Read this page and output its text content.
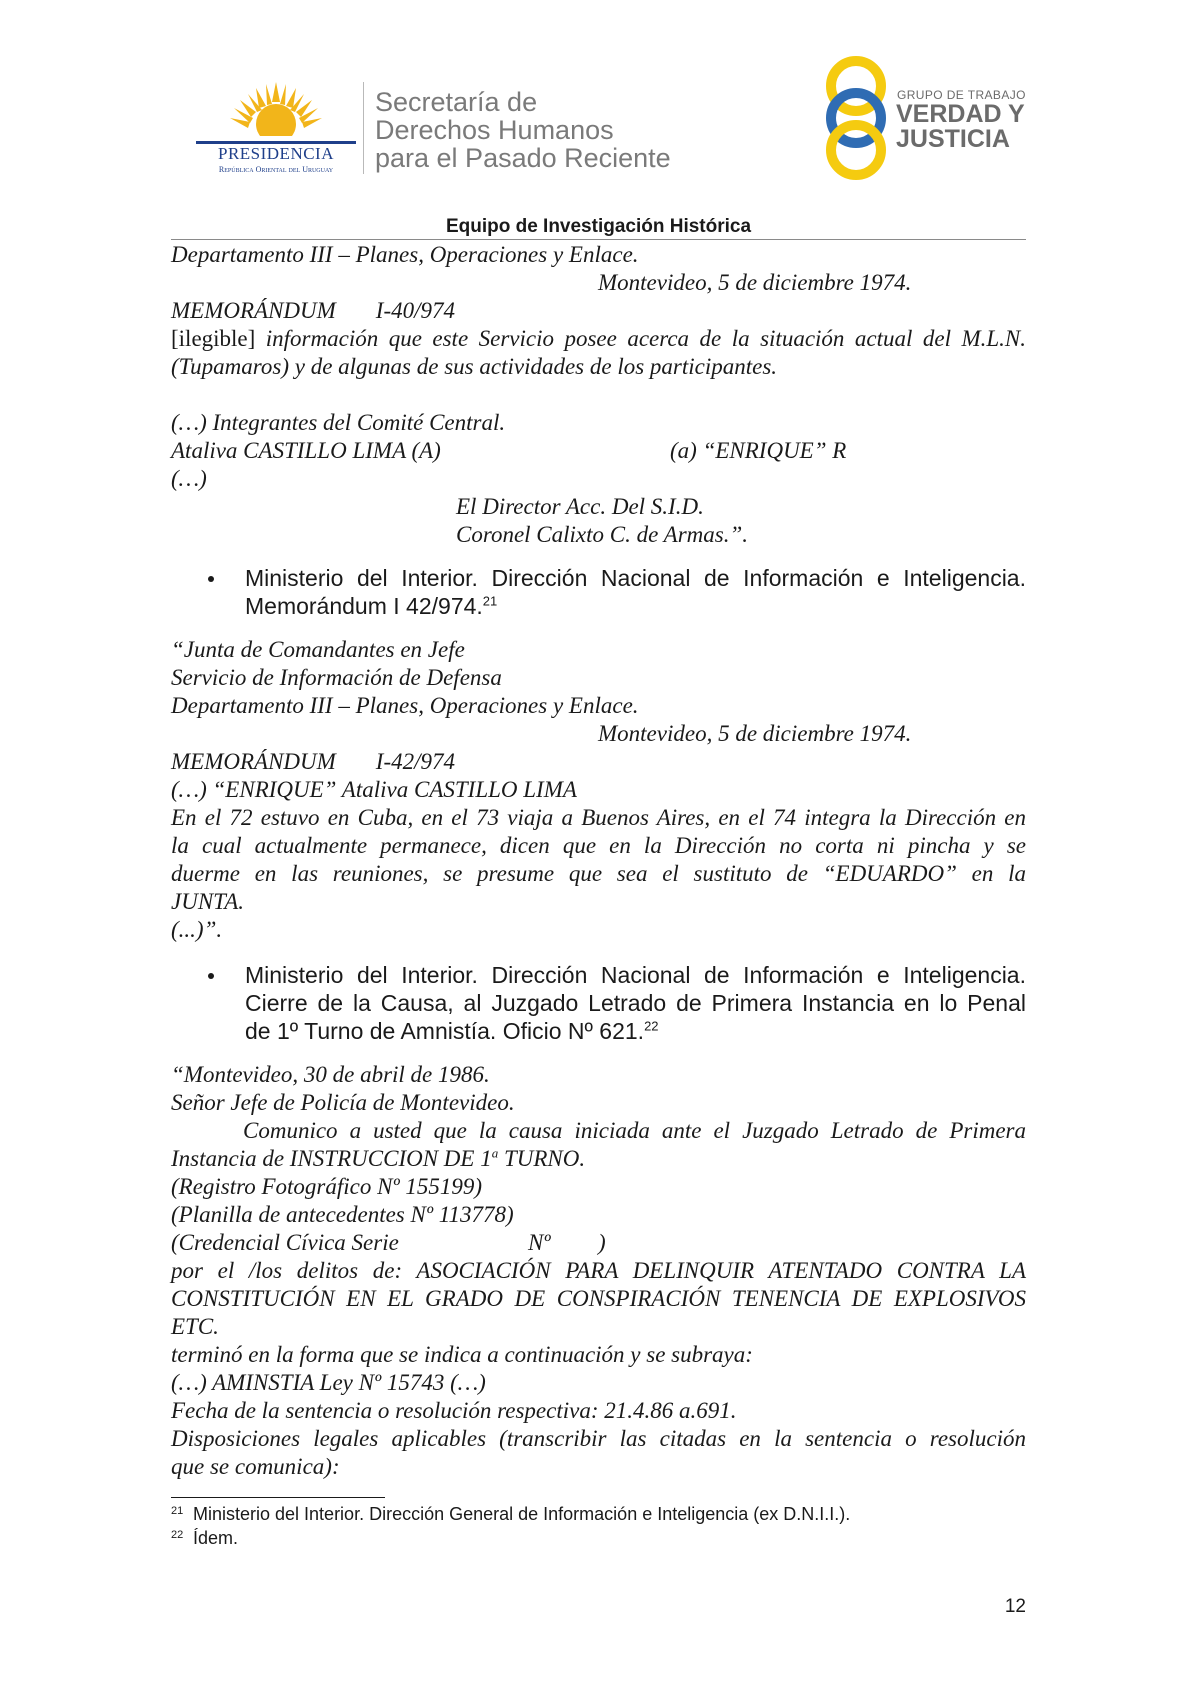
PRESIDENCIA
República Oriental del Uruguay
Secretaría de
Derechos Humanos
para el Pasado Reciente
GRUPO DE TRABAJO
VERDAD Y
JUSTICIA
Equipo de Investigación Histórica
Departamento III – Planes, Operaciones y Enlace.
Montevideo, 5 de diciembre 1974.
MEMORÁNDUM I-40/974
[ilegible] información que este Servicio posee acerca de la situación actual del M.L.N.
(Tupamaros) y de algunas de sus actividades de los participantes.
(…) Integrantes del Comité Central.
Ataliva CASTILLO LIMA (A)	(a) “ENRIQUE” R
(…)
El Director Acc. Del S.I.D.
Coronel Calixto C. de Armas.”.
Ministerio del Interior. Dirección Nacional de Información e Inteligencia.
Memorándum I 42/974.21
“Junta de Comandantes en Jefe
Servicio de Información de Defensa
Departamento III – Planes, Operaciones y Enlace.
Montevideo, 5 de diciembre 1974.
MEMORÁNDUM I-42/974
(…) “ENRIQUE” Ataliva CASTILLO LIMA
En el 72 estuvo en Cuba, en el 73 viaja a Buenos Aires, en el 74 integra la Dirección en
la cual actualmente permanece, dicen que en la Dirección no corta ni pincha y se
duerme en las reuniones, se presume que sea el sustituto de “EDUARDO” en la
JUNTA.
(...)”.
Ministerio del Interior. Dirección Nacional de Información e Inteligencia.
Cierre de la Causa, al Juzgado Letrado de Primera Instancia en lo Penal
de 1º Turno de Amnistía. Oficio Nº 621.22
“Montevideo, 30 de abril de 1986.
Señor Jefe de Policía de Montevideo.
Comunico a usted que la causa iniciada ante el Juzgado Letrado de Primera
Instancia de INSTRUCCION DE 1$^a$ TURNO.
(Registro Fotográfico Nº 155199)
(Planilla de antecedentes Nº 113778)
(Credencial Cívica Serie	Nº )
por el /los delitos de: ASOCIACIÓN PARA DELINQUIR ATENTADO CONTRA LA
CONSTITUCIÓN EN EL GRADO DE CONSPIRACIÓN TENENCIA DE EXPLOSIVOS
ETC.
terminó en la forma que se indica a continuación y se subraya:
(…) AMINSTIA Ley Nº 15743 (…)
Fecha de la sentencia o resolución respectiva: 21.4.86 a.691.
Disposiciones legales aplicables (transcribir las citadas en la sentencia o resolución
que se comunica):
21 Ministerio del Interior. Dirección General de Información e Inteligencia (ex D.N.I.I.).
22 Ídem.
12
